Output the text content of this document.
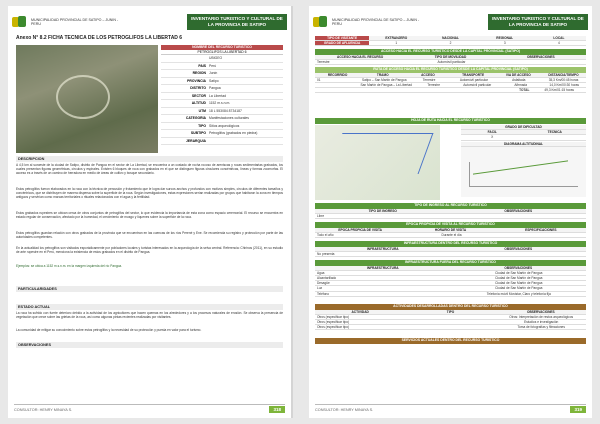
MUNICIPALIDAD PROVINCIAL DE SATIPO – JUNIN - PERU
INVENTARIO TURISTICO Y CULTURAL DE LA PROVINCIA DE SATIPO
Anexo N° 8.2 FICHA TECNICA DE LOS PETROGLIFOS LA LIBERTAD 6
NOMBRE DEL RECURSO TURISTICO
PETROGLIFOS LA LIBERTAD 6
UBIGEO
PAIS Perú
REGION Junín
PROVINCIA Satipo
DISTRITO Pangoa
SECTOR La Libertad
ALTITUD 1152 m.s.n.m.
UTM 18 L 553084 8734187
CATEGORIA Manifestaciones culturales
TIPO Sitios arqueológicos
SUBTIPO Petroglifos (grabados en piedra)
JERARQUIA
DESCRIPCION
A 4,5 km al suroeste de la ciudad de Satipo, distrito de Pangoa en el sector de La Libertad, se encuentra a un costado de rocha rocoso de areniscas y rocas sedimentarias grabados, los cuales presentan figuras geométricas, círculos y espirales. Existen 6 bloques de roca con grabados en el que se distinguen figuras circulares concéntricas, líneas y formas zoomorfas. El acceso es a través de un camino de herradura en medio de áreas de cultivo y bosque secundario.
Estos petroglifos fueron elaborados en la roca con la técnica de percusión y frotamiento que le logra dar surcos anchos y profundos con motivos simples, círculos de diferentes tamaños y concéntricos, que se distribuyen de manera dispersa sobre la superficie de la roca. Según investigaciones, estas expresiones serían realizadas por grupos que habitaron la zona en tiempos antiguos y servirían como marcas territoriales o rituales relacionados con el agua y la fertilidad.
Estos grabados rupestres se ubican cerca de otros conjuntos de petroglifos del sector, lo que evidencia la importancia de esta zona como espacio ceremonial. El recurso se encuentra en estado regular de conservación, afectado por la humedad, el crecimiento de musgo y líquenes sobre la superficie de la roca.
Estos petroglifos guardan relación con otros grabados de la provincia que se encuentran en las cuencas de los ríos Perené y Ene. Se recomienda su registro y protección por parte de las autoridades competentes.
En la actualidad los petroglifos son visitados esporádicamente por pobladores locales y turistas interesados en la arqueología de la selva central. Referencia: Chirinos (2011), en su estudio de arte rupestre en el Perú, menciona la existencia de estos grabados en el distrito de Pangoa.
Ejemplos: se ubica a 1152 m.s.n.m. en la margen izquierda del río Pangoa.
PARTICULARIDADES
ESTADO ACTUAL
La roca ha sufrido con fuerte deterioro debido a la actividad de los agricultores que hacen quemas en los alrededores y a los procesos naturales de erosión. Se observa la presencia de vegetación que crece sobre las grietas de la roca, así como algunas pintas recientes realizadas por visitantes.
La comunidad de mitigar su conocimiento sobre estos petroglifos y la necesidad de su protección y puesta en valor para el turismo.
OBSERVACIONES
CONSULTOR: HENRY MINAYA S.	318
MUNICIPALIDAD PROVINCIAL DE SATIPO – JUNIN - PERU
INVENTARIO TURISTICO Y CULTURAL DE LA PROVINCIA DE SATIPO
TIPO DE VISITANTE	EXTRANJERO	NACIONAL	REGIONAL	LOCAL
GRADO DE AFLUENCIA	1	2	3	4
ACCESO HACIA EL RECURSO TURISTICO DESDE LA CAPITAL PROVINCIAL (SATIPO)
ACCESO HACIA EL RECURSO	TIPO DE MOVILIDAD	OBSERVACIONES
Terrestre	Automóvil particular
RUTA DE ACCESO HACIA EL RECURSO TURISTICO DESDE LA CAPITAL PROVINCIAL (SATIPO)
RECORRIDO	TRAMO	ACCESO	TRANSPORTE	VIA DE ACCESO	DISTANCIA/TIEMPO
01	Satipo – San Martín de Pangoa	Terrestre	Automóvil particular	Asfaltada	35,3 Km/00:45 horas
San Martín de Pangoa – La Libertad	Terrestre	Automóvil particular	Afirmada	14,0 Km/00:30 horas
TOTAL	49,3 Km/01:15 horas
HOJA DE RUTA HACIA EL RECURSO TURISTICO
GRADO DE DIFICULTAD
FACIL	TECNICA
X
DIAGRAMA ALTITUDINAL
TIPO DE INGRESO AL RECURSO TURISTICO
TIPO DE INGRESO	OBSERVACIONES
Libre
EPOCA PROPICIA DE VISITA AL RECURSO TURISTICO
EPOCA PROPICIA DE VISITA	HORARIO DE VISITA	ESPECIFICACIONES
Todo el año	Durante el día
INFRAESTRUCTURA DENTRO DEL RECURSO TURISTICO
INFRAESTRUCTURA	OBSERVACIONES
No presenta
INFRAESTRUCTURA FUERA DEL RECURSO TURISTICO
INFRAESTRUCTURA	OBSERVACIONES
Agua	Ciudad de San Martín de Pangoa
Alcantarillado	Ciudad de San Martín de Pangoa
Desagüe	Ciudad de San Martín de Pangoa
Luz	Ciudad de San Martín de Pangoa
Teléfono	Telefonía móvil Movistar, Claro y telefonía fija
ACTIVIDADES DESARROLLADAS DENTRO DEL RECURSO TURISTICO
ACTIVIDAD	TIPO	OBSERVACIONES
Otros (especificar tipo)	Otros: Interpretación de restos arqueológicos
Otros (especificar tipo)	Estudios e investigación
Otros (especificar tipo)	Toma de fotografías y filmaciones
SERVICIOS ACTUALES DENTRO DEL RECURSO TURISTICO
CONSULTOR: HENRY MINAYA S.	319
